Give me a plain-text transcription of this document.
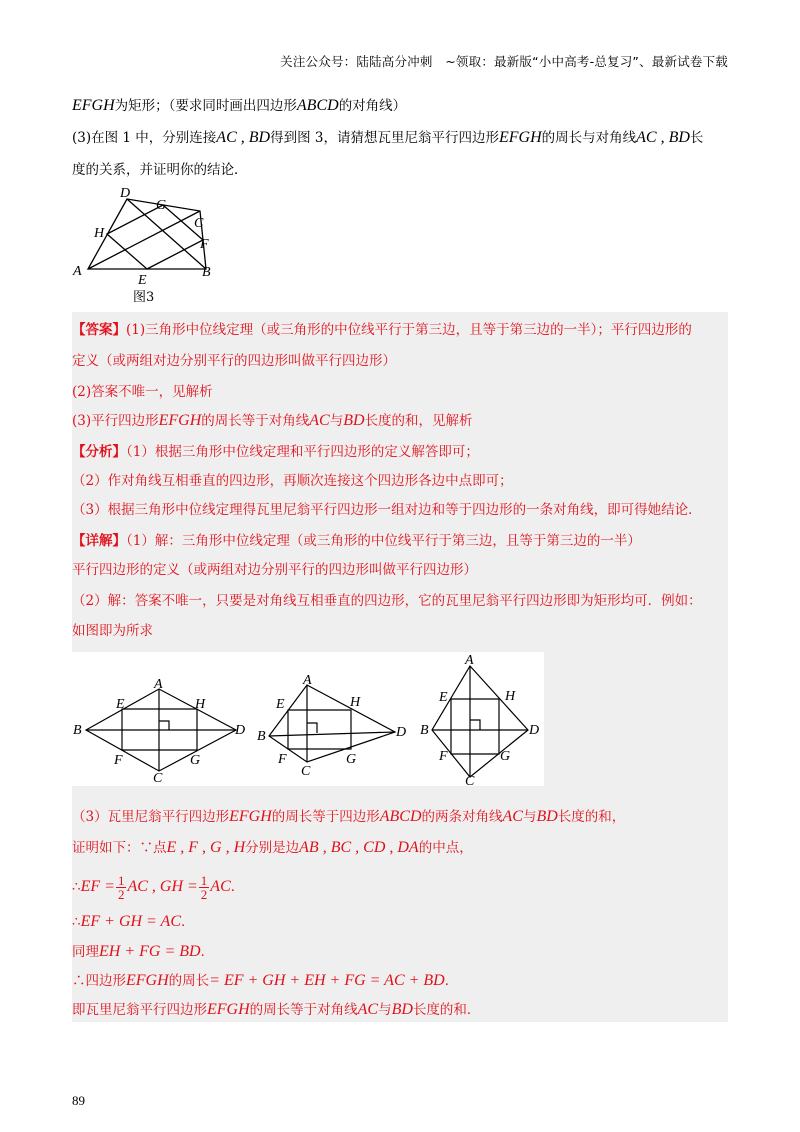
关注公众号：陆陆高分冲刺　~领取：最新版“小中高考-总复习”、最新试卷下载
EFGH为矩形；（要求同时画出四边形ABCD的对角线）
(3)在图 1 中，分别连接AC , BD得到图 3，请猜想瓦里尼翁平行四边形EFGH的周长与对角线AC , BD长
度的关系，并证明你的结论．
D
G
C
H
F
A
E
B
图3
【答案】(1)三角形中位线定理（或三角形的中位线平行于第三边，且等于第三边的一半）；平行四边形的
定义（或两组对边分别平行的四边形叫做平行四边形）
(2)答案不唯一，见解析
(3)平行四边形EFGH的周长等于对角线AC与BD长度的和，见解析
【分析】（1）根据三角形中位线定理和平行四边形的定义解答即可；
（2）作对角线互相垂直的四边形，再顺次连接这个四边形各边中点即可；
（3）根据三角形中位线定理得瓦里尼翁平行四边形一组对边和等于四边形的一条对角线，即可得她结论．
【详解】（1）解：三角形中位线定理（或三角形的中位线平行于第三边，且等于第三边的一半）
平行四边形的定义（或两组对边分别平行的四边形叫做平行四边形）
（2）解：答案不唯一，只要是对角线互相垂直的四边形，它的瓦里尼翁平行四边形即为矩形均可．例如：
如图即为所求
A
B
C
D
E
F	G
H
A
B
C
D
E
F	G
H
A
B
C
D
E
F	G
H
（3）瓦里尼翁平行四边形EFGH的周长等于四边形ABCD的两条对角线AC与BD长度的和，
证明如下：∵点E , F , G , H分别是边AB , BC , CD , DA的中点，
∴EF = $\frac{1}{2}$ AC , GH = $\frac{1}{2}$ AC．
∴EF + GH = AC．
同理EH + FG = BD．
∴四边形EFGH的周长= EF + GH + EH + FG = AC + BD．
即瓦里尼翁平行四边形EFGH的周长等于对角线AC与BD长度的和．
89
